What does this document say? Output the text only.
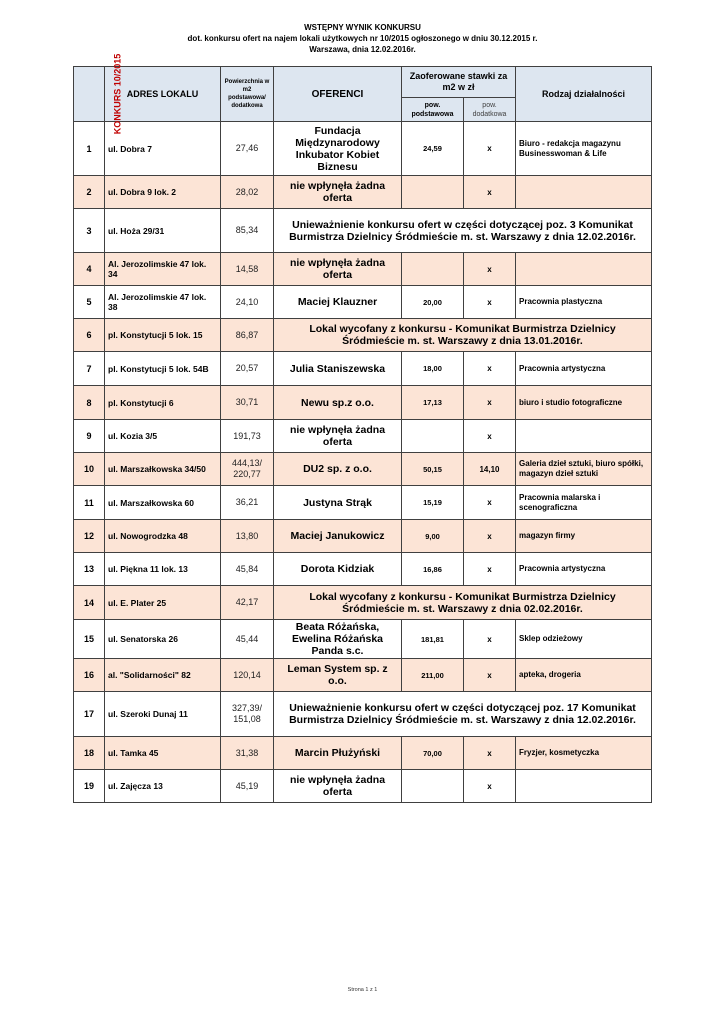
WSTĘPNY WYNIK KONKURSU
dot. konkursu ofert na najem lokali użytkowych nr 10/2015 ogłoszonego w dniu 30.12.2015 r.
Warszawa, dnia 12.02.2016r.
KONKURS 10/2015	ADRES LOKALU	Powierzchnia w m2 podstawowa/ dodatkowa	OFERENCI	Zaoferowane stawki za m2 w zł		Rodzaj działalności
				pow. podstawowa	pow. dodatkowa	
1	ul. Dobra 7	27,46	Fundacja Międzynarodowy Inkubator Kobiet Biznesu	24,59	x	Biuro - redakcja magazynu Businesswoman & Life
2	ul. Dobra 9 lok. 2	28,02	nie wpłynęła żadna oferta		x	
3	ul. Hoża 29/31	85,34	Unieważnienie konkursu ofert w części dotyczącej poz. 3 Komunikat Burmistrza Dzielnicy Śródmieście m. st. Warszawy z dnia 12.02.2016r.			
4	Al. Jerozolimskie 47 lok. 34	14,58	nie wpłynęła żadna oferta		x	
5	Al. Jerozolimskie 47 lok. 38	24,10	Maciej Klauzner	20,00	x	Pracownia plastyczna
6	pl. Konstytucji 5 lok. 15	86,87	Lokal wycofany z konkursu - Komunikat Burmistrza Dzielnicy Śródmieście m. st. Warszawy z dnia 13.01.2016r.			
7	pl. Konstytucji 5 lok. 54B	20,57	Julia Staniszewska	18,00	x	Pracownia artystyczna
8	pl. Konstytucji 6	30,71	Newu sp.z o.o.	17,13	x	biuro i studio fotograficzne
9	ul. Kozia 3/5	191,73	nie wpłynęła żadna oferta		x	
10	ul. Marszałkowska 34/50	444,13/ 220,77	DU2 sp. z o.o.	50,15	14,10	Galeria dzieł sztuki, biuro spółki, magazyn dzieł sztuki
11	ul. Marszałkowska 60	36,21	Justyna Strąk	15,19	x	Pracownia malarska i scenograficzna
12	ul. Nowogrodzka 48	13,80	Maciej Janukowicz	9,00	x	magazyn firmy
13	ul. Piękna 11 lok. 13	45,84	Dorota Kidziak	16,86	x	Pracownia artystyczna
14	ul. E. Plater 25	42,17	Lokal wycofany z konkursu - Komunikat Burmistrza Dzielnicy Śródmieście m. st. Warszawy z dnia 02.02.2016r.			
15	ul. Senatorska 26	45,44	Beata Różańska, Ewelina Różańska Panda s.c.	181,81	x	Sklep odzieżowy
16	al. "Solidarności" 82	120,14	Leman System sp. z o.o.	211,00	x	apteka, drogeria
17	ul. Szeroki Dunaj 11	327,39/ 151,08	Unieważnienie konkursu ofert w części dotyczącej poz. 17 Komunikat Burmistrza Dzielnicy Śródmieście m. st. Warszawy z dnia 12.02.2016r.			
18	ul. Tamka 45	31,38	Marcin Płużyński	70,00	x	Fryzjer, kosmetyczka
19	ul. Zajęcza 13	45,19	nie wpłynęła żadna oferta		x	
Strona 1 z 1
